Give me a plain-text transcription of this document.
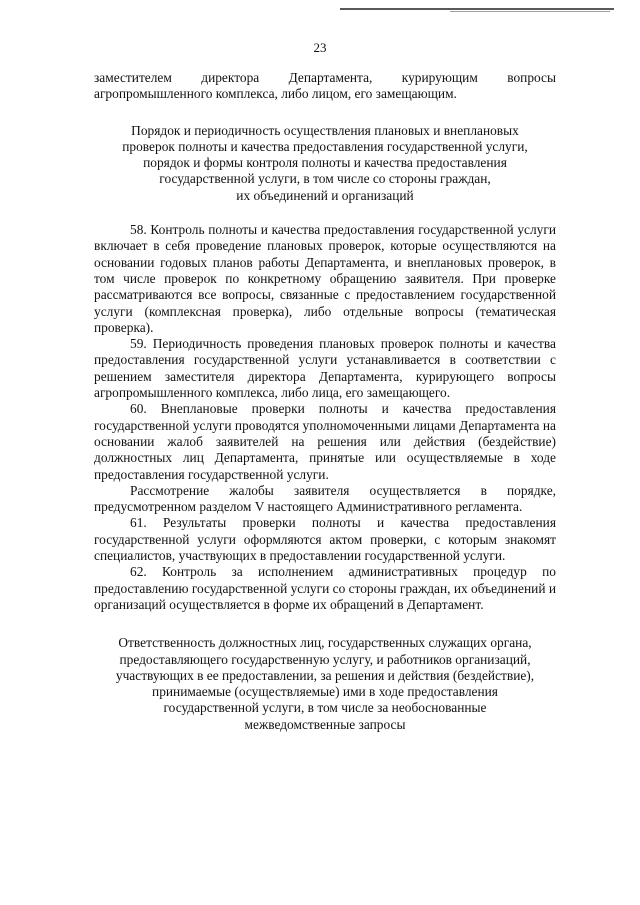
23

заместителем директора Департамента, курирующим вопросы агропромышленного комплекса, либо лицом, его замещающим.

Порядок и периодичность осуществления плановых и внеплановых
проверок полноты и качества предоставления государственной услуги,
порядок и формы контроля полноты и качества предоставления
государственной услуги, в том числе со стороны граждан,
их объединений и организаций

58. Контроль полноты и качества предоставления государственной услуги включает в себя проведение плановых проверок, которые осуществляются на основании годовых планов работы Департамента, и внеплановых проверок, в том числе проверок по конкретному обращению заявителя. При проверке рассматриваются все вопросы, связанные с предоставлением государственной услуги (комплексная проверка), либо отдельные вопросы (тематическая проверка).

59. Периодичность проведения плановых проверок полноты и качества предоставления государственной услуги устанавливается в соответствии с решением заместителя директора Департамента, курирующего вопросы агропромышленного комплекса, либо лица, его замещающего.

60. Внеплановые проверки полноты и качества предоставления государственной услуги проводятся уполномоченными лицами Департамента на основании жалоб заявителей на решения или действия (бездействие) должностных лиц Департамента, принятые или осуществляемые в ходе предоставления государственной услуги.

Рассмотрение жалобы заявителя осуществляется в порядке, предусмотренном разделом V настоящего Административного регламента.

61. Результаты проверки полноты и качества предоставления государственной услуги оформляются актом проверки, с которым знакомят специалистов, участвующих в предоставлении государственной услуги.

62. Контроль за исполнением административных процедур по предоставлению государственной услуги со стороны граждан, их объединений и организаций осуществляется в форме их обращений в Департамент.

Ответственность должностных лиц, государственных служащих органа,
предоставляющего государственную услугу, и работников организаций,
участвующих в ее предоставлении, за решения и действия (бездействие),
принимаемые (осуществляемые) ими в ходе предоставления
государственной услуги, в том числе за необоснованные
межведомственные запросы
